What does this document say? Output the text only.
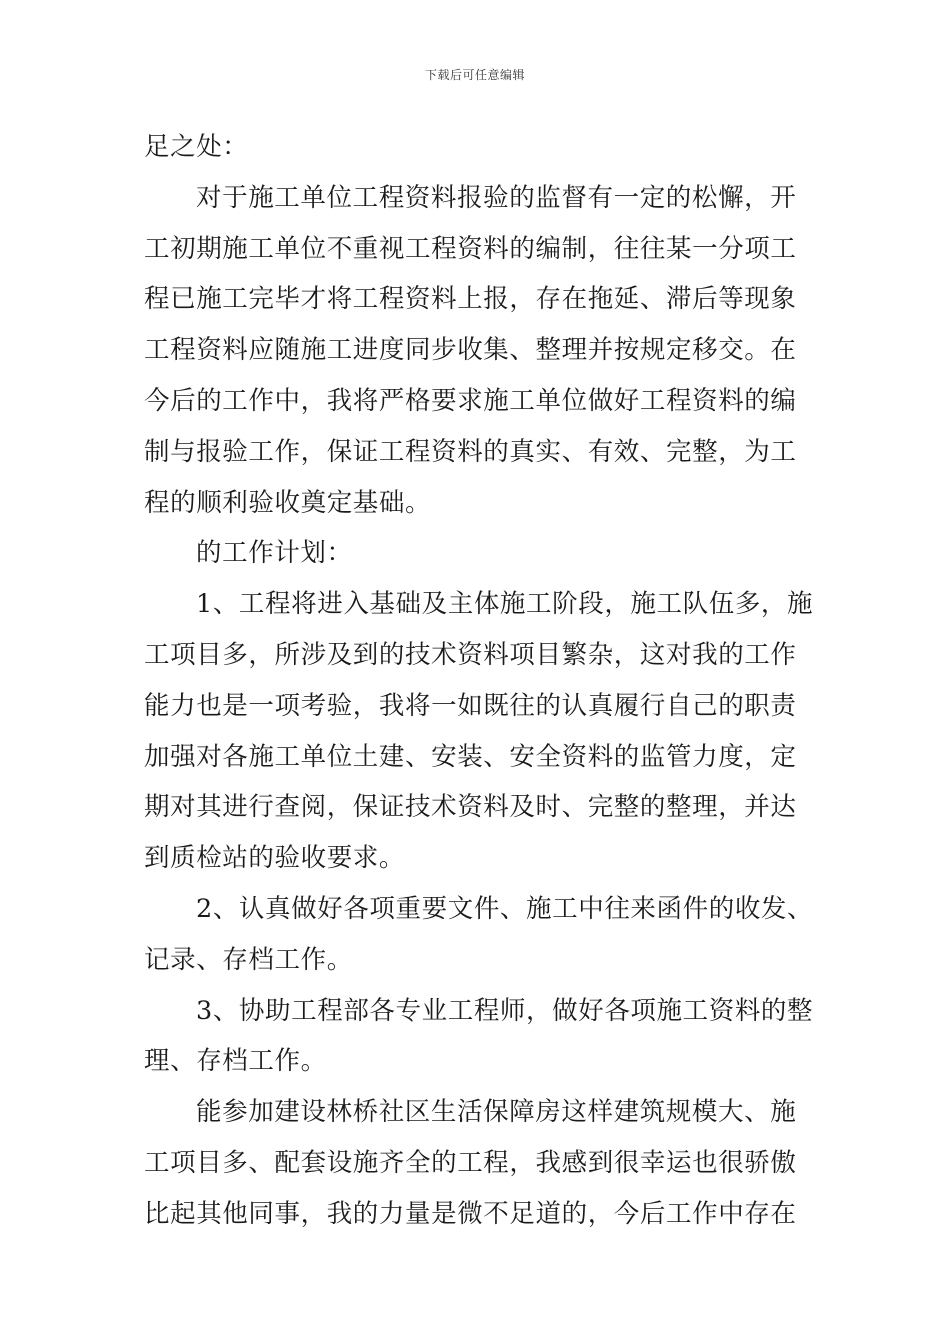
下载后可任意编辑
足之处：
对于施工单位工程资料报验的监督有一定的松懈，开
工初期施工单位不重视工程资料的编制，往往某一分项工
程已施工完毕才将工程资料上报，存在拖延、滞后等现象
工程资料应随施工进度同步收集、整理并按规定移交。在
今后的工作中，我将严格要求施工单位做好工程资料的编
制与报验工作，保证工程资料的真实、有效、完整，为工
程的顺利验收奠定基础。
的工作计划：
1、工程将进入基础及主体施工阶段，施工队伍多，施
工项目多，所涉及到的技术资料项目繁杂，这对我的工作
能力也是一项考验，我将一如既往的认真履行自己的职责
加强对各施工单位土建、安装、安全资料的监管力度，定
期对其进行查阅，保证技术资料及时、完整的整理，并达
到质检站的验收要求。
2、认真做好各项重要文件、施工中往来函件的收发、
记录、存档工作。
3、协助工程部各专业工程师，做好各项施工资料的整
理、存档工作。
能参加建设林桥社区生活保障房这样建筑规模大、施
工项目多、配套设施齐全的工程，我感到很幸运也很骄傲
比起其他同事，我的力量是微不足道的，今后工作中存在
